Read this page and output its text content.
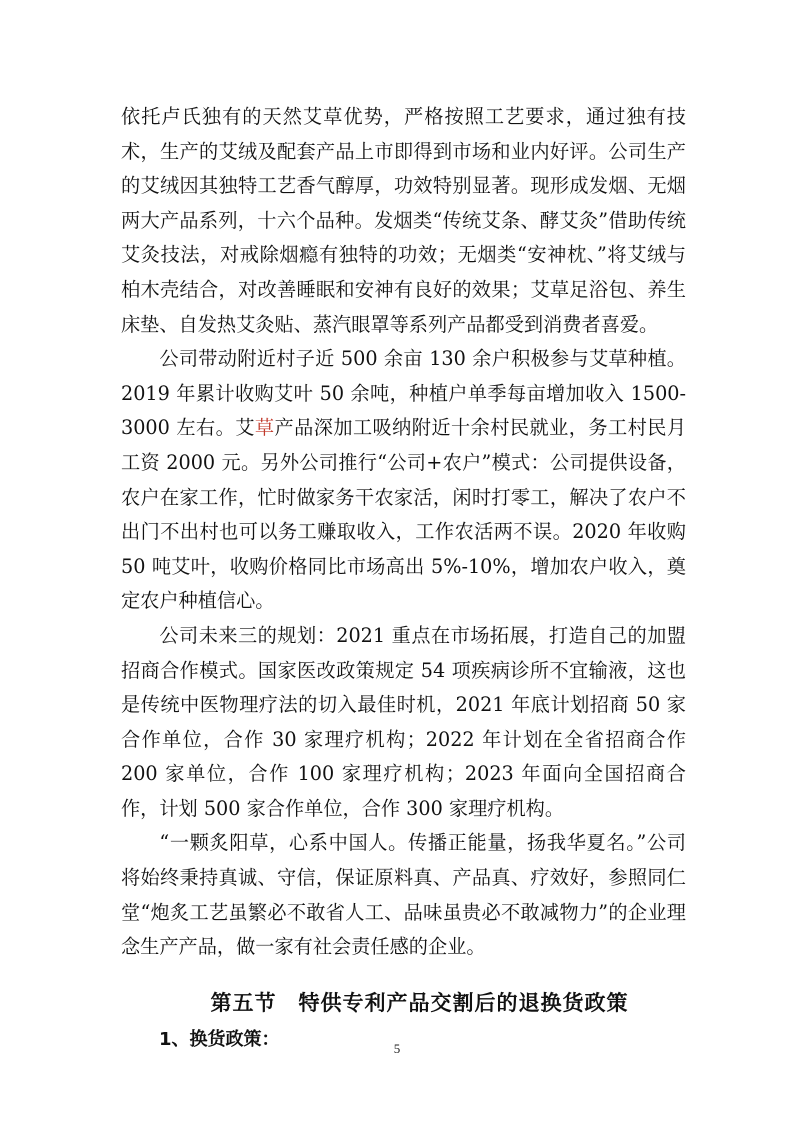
依托卢氏独有的天然艾草优势，严格按照工艺要求，通过独有技术，生产的艾绒及配套产品上市即得到市场和业内好评。公司生产的艾绒因其独特工艺香气醇厚，功效特别显著。现形成发烟、无烟两大产品系列，十六个品种。发烟类“传统艾条、酵艾灸”借助传统艾灸技法，对戒除烟瘾有独特的功效；无烟类“安神枕、”将艾绒与柏木壳结合，对改善睡眠和安神有良好的效果；艾草足浴包、养生床垫、自发热艾灸贴、蒸汽眼罩等系列产品都受到消费者喜爱。

公司带动附近村子近 500 余亩 130 余户积极参与艾草种植。2019 年累计收购艾叶 50 余吨，种植户单季每亩增加收入 1500-3000 左右。艾草产品深加工吸纳附近十余村民就业，务工村民月工资 2000 元。另外公司推行“公司+农户”模式：公司提供设备，农户在家工作，忙时做家务干农家活，闲时打零工，解决了农户不出门不出村也可以务工赚取收入，工作农活两不误。2020 年收购 50 吨艾叶，收购价格同比市场高出 5%-10%，增加农户收入，奠定农户种植信心。

公司未来三的规划：2021 重点在市场拓展，打造自己的加盟招商合作模式。国家医改政策规定 54 项疾病诊所不宜输液，这也是传统中医物理疗法的切入最佳时机，2021 年底计划招商 50 家合作单位，合作 30 家理疗机构；2022 年计划在全省招商合作 200 家单位，合作 100 家理疗机构；2023 年面向全国招商合作，计划 500 家合作单位，合作 300 家理疗机构。

“一颗炙阳草，心系中国人。传播正能量，扬我华夏名。”公司将始终秉持真诚、守信，保证原料真、产品真、疗效好，参照同仁堂“炮炙工艺虽繁必不敢省人工、品味虽贵必不敢减物力”的企业理念生产产品，做一家有社会责任感的企业。

第五节　特供专利产品交割后的退换货政策
1、换货政策：	5
